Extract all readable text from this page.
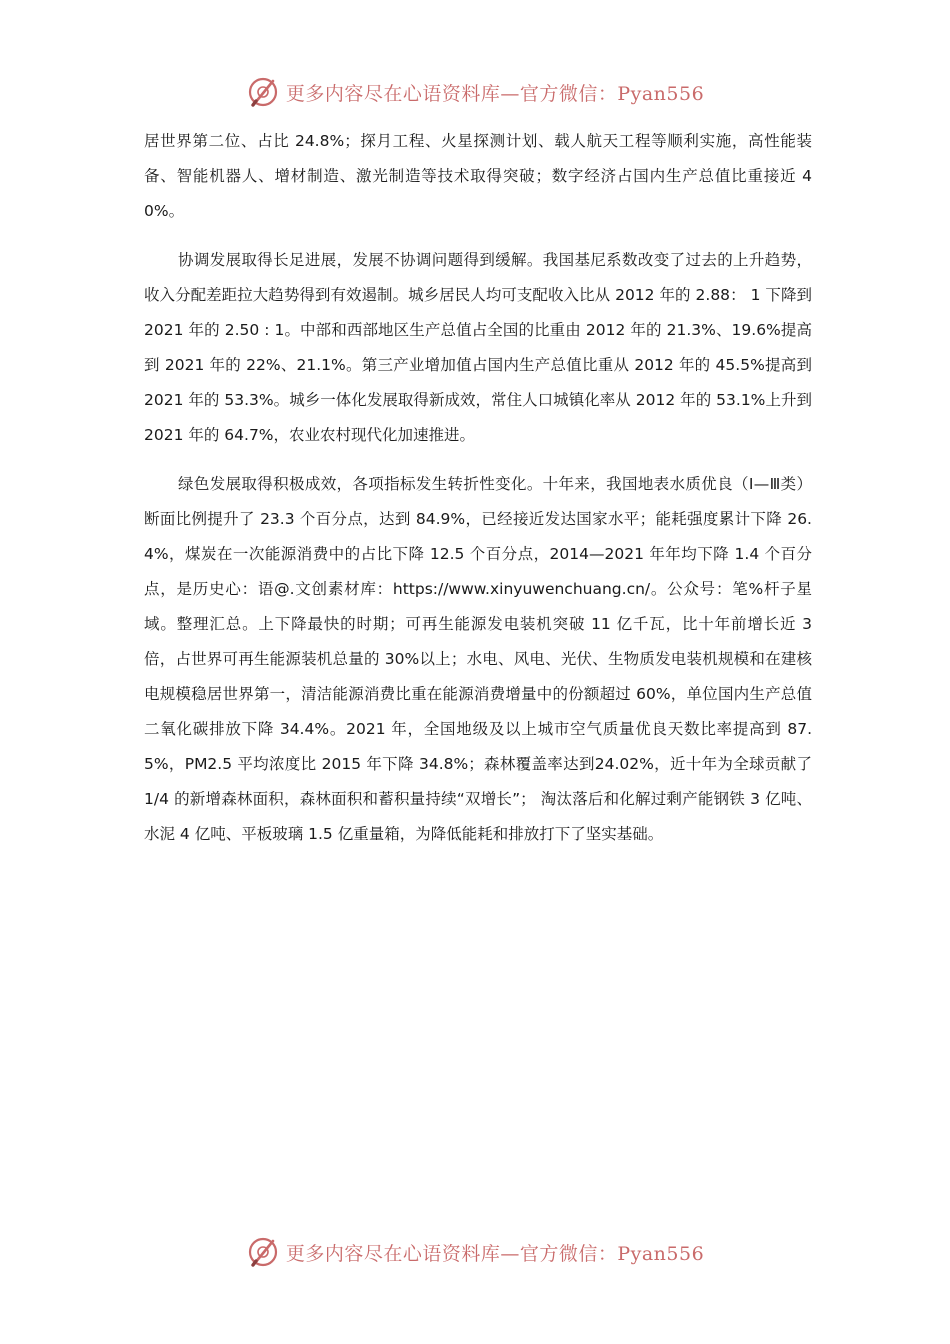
更多内容尽在心语资料库—官方微信：Pyan556

居世界第二位、占比 24.8%；探月工程、火星探测计划、载人航天工程等顺利实施，高性能装备、智能机器人、增材制造、激光制造等技术取得突破；数字经济占国内生产总值比重接近 40%。

协调发展取得长足进展，发展不协调问题得到缓解。我国基尼系数改变了过去的上升趋势，收入分配差距拉大趋势得到有效遏制。城乡居民人均可支配收入比从 2012 年的 2.88： 1 下降到 2021 年的 2.50 : 1。中部和西部地区生产总值占全国的比重由 2012 年的 21.3%、19.6%提高到 2021 年的 22%、21.1%。第三产业增加值占国内生产总值比重从 2012 年的 45.5%提高到 2021 年的 53.3%。城乡一体化发展取得新成效，常住人口城镇化率从 2012 年的 53.1%上升到 2021 年的 64.7%，农业农村现代化加速推进。

绿色发展取得积极成效，各项指标发生转折性变化。十年来，我国地表水质优良（Ⅰ—Ⅲ类）断面比例提升了 23.3 个百分点，达到 84.9%，已经接近发达国家水平；能耗强度累计下降 26.4%，煤炭在一次能源消费中的占比下降 12.5 个百分点，2014—2021 年年均下降 1.4 个百分点，是历史心：语@.文创素材库：https://www.xinyuwenchuang.cn/。公众号：笔%杆子星域。整理汇总。上下降最快的时期；可再生能源发电装机突破 11 亿千瓦，比十年前增长近 3 倍，占世界可再生能源装机总量的 30%以上；水电、风电、光伏、生物质发电装机规模和在建核电规模稳居世界第一，清洁能源消费比重在能源消费增量中的份额超过 60%，单位国内生产总值二氧化碳排放下降 34.4%。2021 年，全国地级及以上城市空气质量优良天数比率提高到 87.5%，PM2.5 平均浓度比 2015 年下降 34.8%；森林覆盖率达到24.02%，近十年为全球贡献了 1/4 的新增森林面积，森林面积和蓄积量持续“双增长”； 淘汰落后和化解过剩产能钢铁 3 亿吨、水泥 4 亿吨、平板玻璃 1.5 亿重量箱，为降低能耗和排放打下了坚实基础。

更多内容尽在心语资料库—官方微信：Pyan556
